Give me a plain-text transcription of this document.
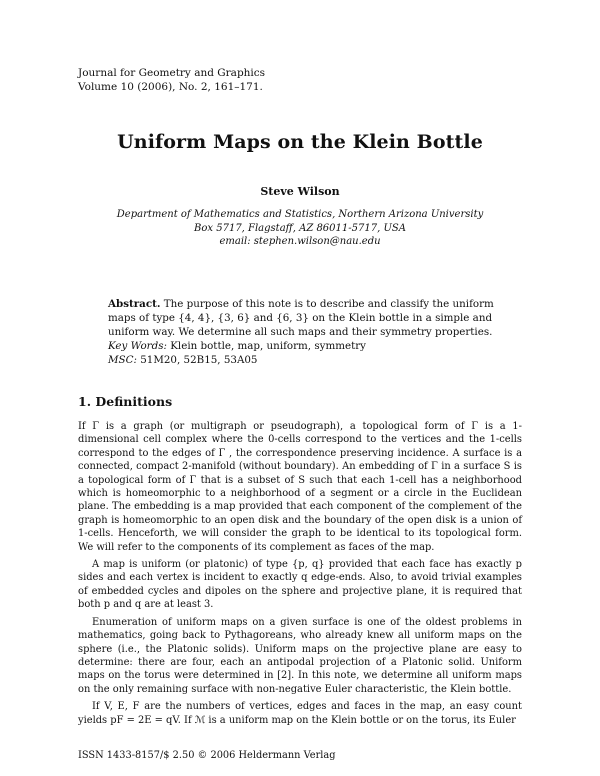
Journal for Geometry and Graphics
Volume 10 (2006), No. 2, 161–171.
Uniform Maps on the Klein Bottle
Steve Wilson
Department of Mathematics and Statistics, Northern Arizona University
Box 5717, Flagstaff, AZ 86011-5717, USA
email: stephen.wilson@nau.edu

Abstract. The purpose of this note is to describe and classify the uniform maps of type {4, 4}, {3, 6} and {6, 3} on the Klein bottle in a simple and uniform way. We determine all such maps and their symmetry properties.

Key Words: Klein bottle, map, uniform, symmetry

MSC: 51M20, 52B15, 53A05

1. Definitions

If Γ is a graph (or multigraph or pseudograph), a topological form of Γ is a 1-dimensional cell complex where the 0-cells correspond to the vertices and the 1-cells correspond to the edges of Γ , the correspondence preserving incidence. A surface is a connected, compact 2-manifold (without boundary). An embedding of Γ in a surface S is a topological form of Γ that is a subset of S such that each 1-cell has a neighborhood which is homeomorphic to a neighborhood of a segment or a circle in the Euclidean plane. The embedding is a map provided that each component of the complement of the graph is homeomorphic to an open disk and the boundary of the open disk is a union of 1-cells. Henceforth, we will consider the graph to be identical to its topological form. We will refer to the components of its complement as faces of the map.

A map is uniform (or platonic) of type {p, q} provided that each face has exactly p sides and each vertex is incident to exactly q edge-ends. Also, to avoid trivial examples of embedded cycles and dipoles on the sphere and projective plane, it is required that both p and q are at least 3.

Enumeration of uniform maps on a given surface is one of the oldest problems in mathematics, going back to Pythagoreans, who already knew all uniform maps on the sphere (i.e., the Platonic solids). Uniform maps on the projective plane are easy to determine: there are four, each an antipodal projection of a Platonic solid. Uniform maps on the torus were determined in [2]. In this note, we determine all uniform maps on the only remaining surface with non-negative Euler characteristic, the Klein bottle.

If V, E, F are the numbers of vertices, edges and faces in the map, an easy count yields pF = 2E = qV. If ℳ is a uniform map on the Klein bottle or on the torus, its Euler

ISSN 1433-8157/$ 2.50 © 2006 Heldermann Verlag
